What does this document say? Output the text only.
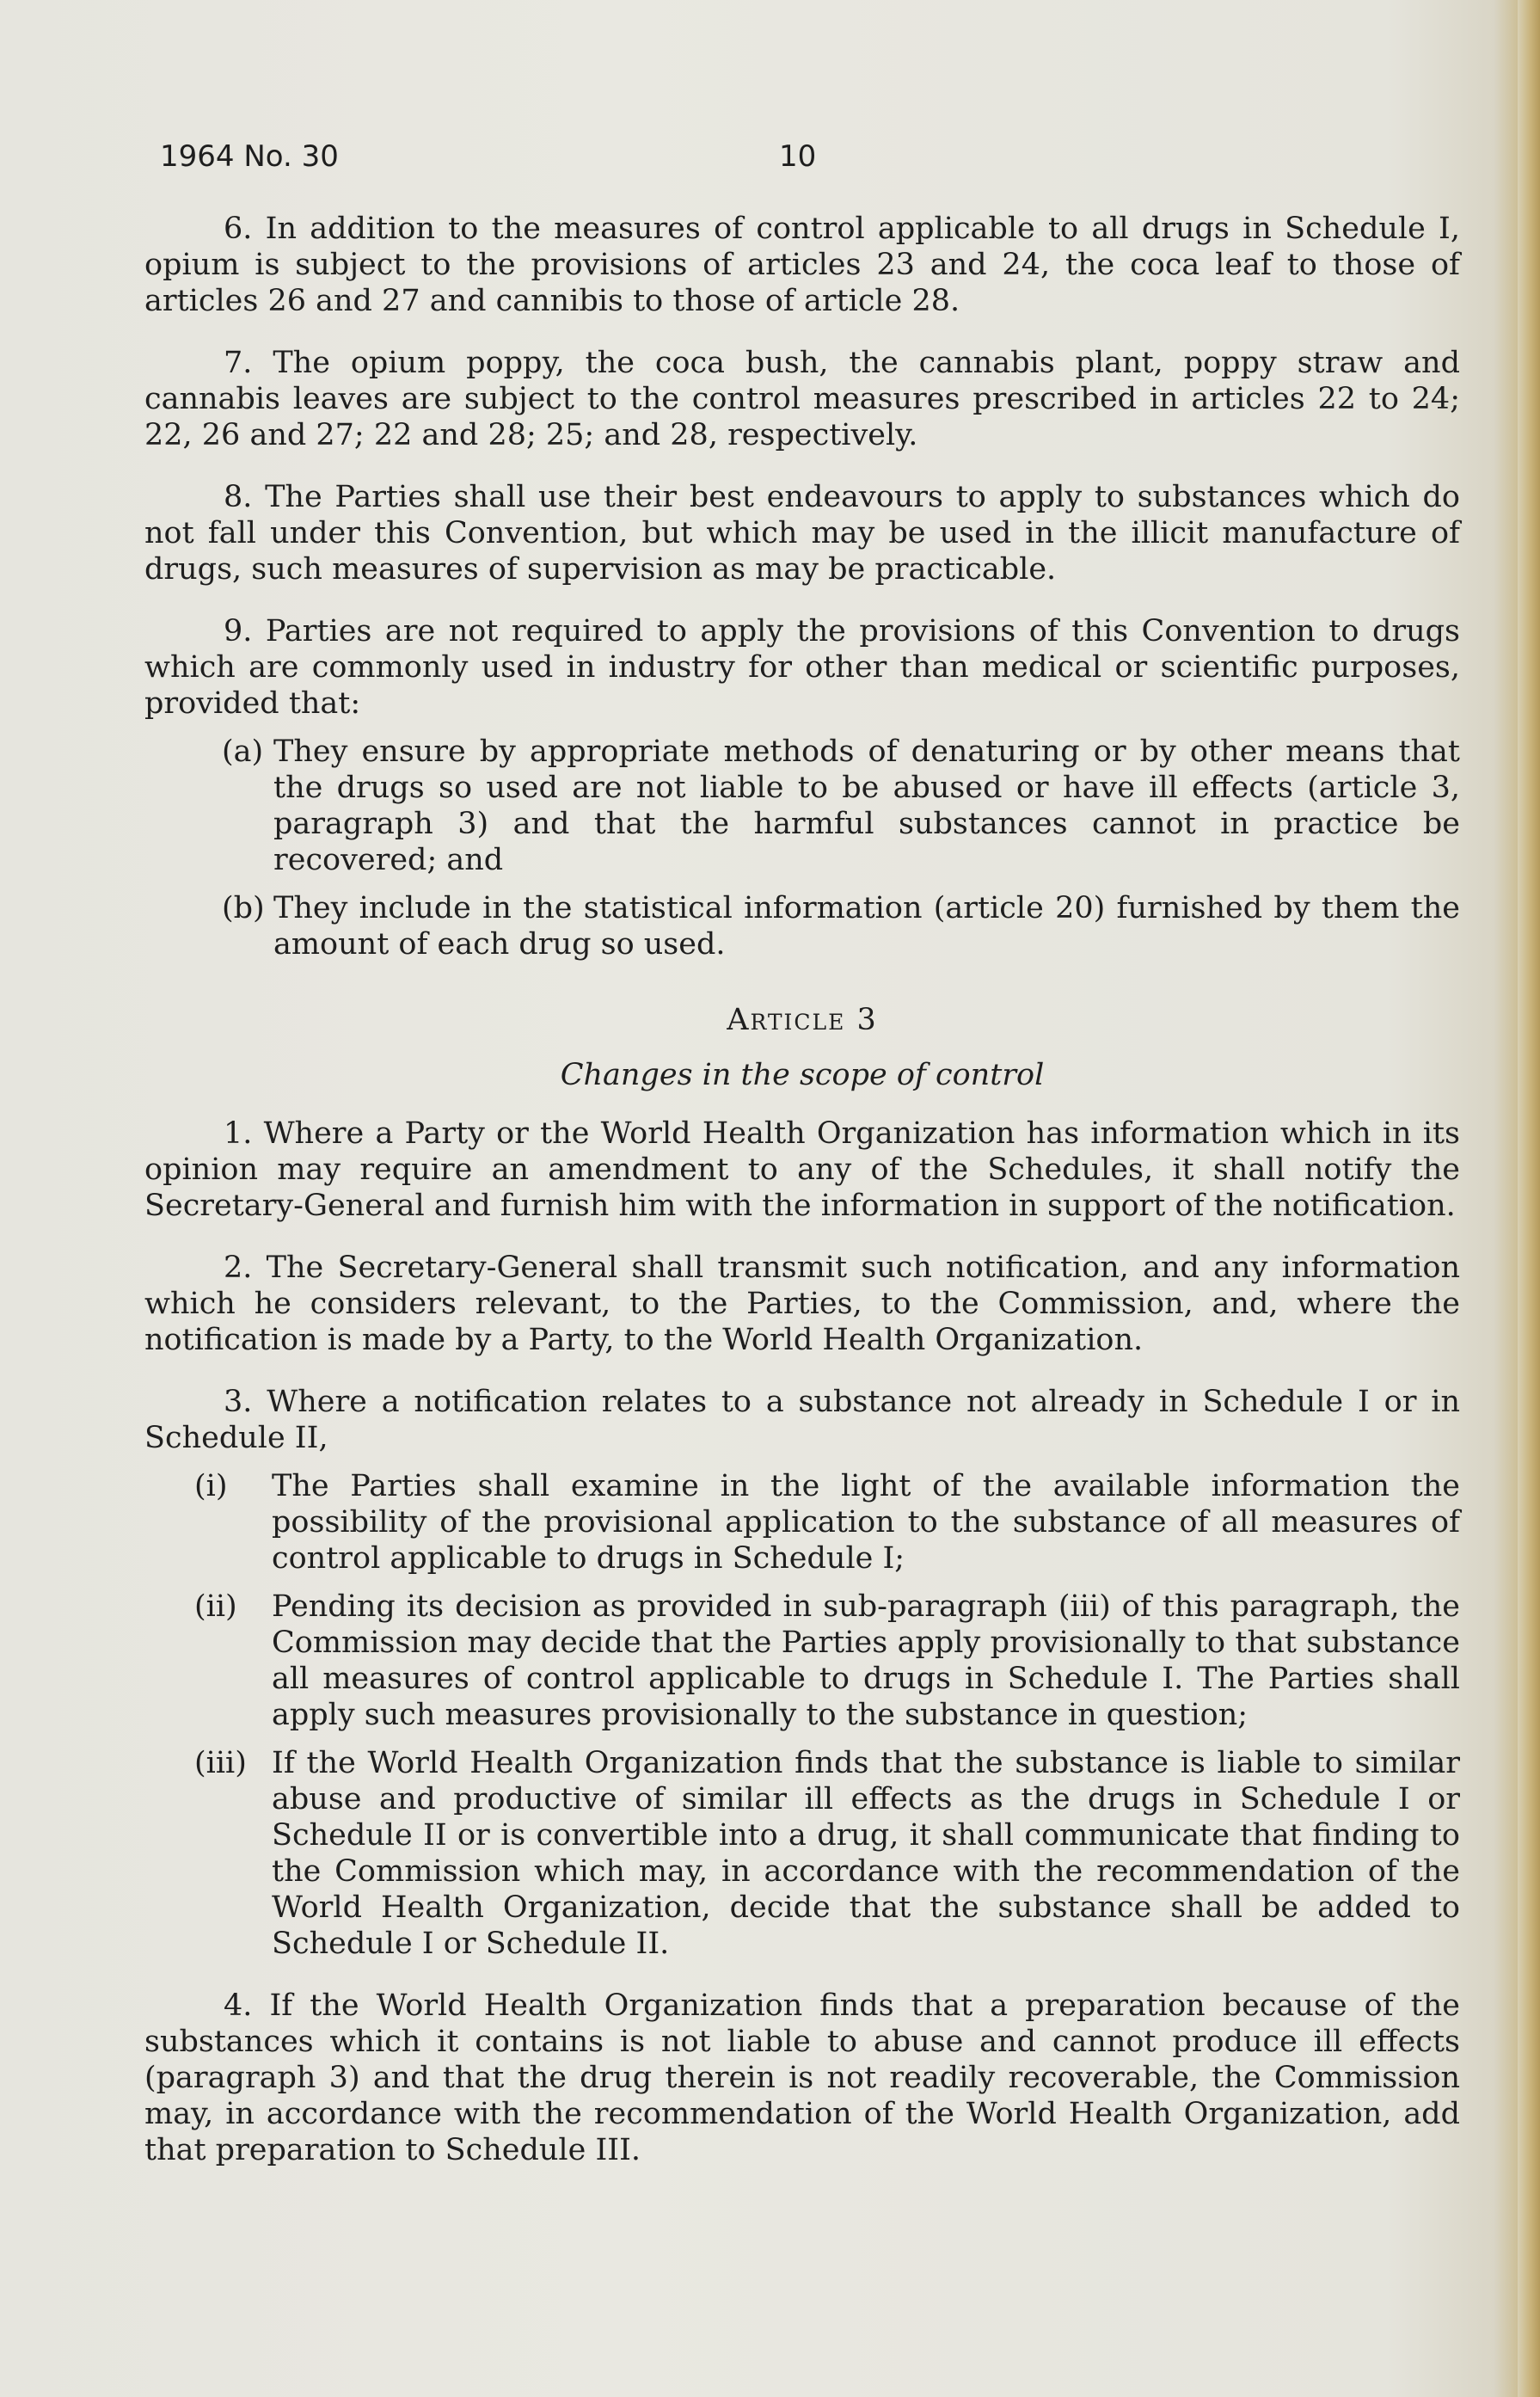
1964 No. 30	10

6. In addition to the measures of control applicable to all drugs in Schedule I, opium is subject to the provisions of articles 23 and 24, the coca leaf to those of articles 26 and 27 and cannibis to those of article 28.

7. The opium poppy, the coca bush, the cannabis plant, poppy straw and cannabis leaves are subject to the control measures prescribed in articles 22 to 24; 22, 26 and 27; 22 and 28; 25; and 28, respectively.

8. The Parties shall use their best endeavours to apply to substances which do not fall under this Convention, but which may be used in the illicit manufacture of drugs, such measures of supervision as may be practicable.

9. Parties are not required to apply the provisions of this Convention to drugs which are commonly used in industry for other than medical or scientific purposes, provided that:

(a) They ensure by appropriate methods of denaturing or by other means that the drugs so used are not liable to be abused or have ill effects (article 3, paragraph 3) and that the harmful substances cannot in practice be recovered; and
(b) They include in the statistical information (article 20) furnished by them the amount of each drug so used.
Article 3
Changes in the scope of control

1. Where a Party or the World Health Organization has information which in its opinion may require an amendment to any of the Schedules, it shall notify the Secretary-General and furnish him with the information in support of the notification.

2. The Secretary-General shall transmit such notification, and any information which he considers relevant, to the Parties, to the Commission, and, where the notification is made by a Party, to the World Health Organization.

3. Where a notification relates to a substance not already in Schedule I or in Schedule II,

(i)	The Parties shall examine in the light of the available information the possibility of the provisional application to the substance of all measures of control applicable to drugs in Schedule I;
(ii)	Pending its decision as provided in sub-paragraph (iii) of this paragraph, the Commission may decide that the Parties apply provisionally to that substance all measures of control applicable to drugs in Schedule I. The Parties shall apply such measures provisionally to the substance in question;
(iii) If the World Health Organization finds that the substance is liable to similar abuse and productive of similar ill effects as the drugs in Schedule I or Schedule II or is convertible into a drug, it shall communicate that finding to the Commission which may, in accordance with the recommendation of the World Health Organization, decide that the substance shall be added to Schedule I or Schedule II.

4. If the World Health Organization finds that a preparation because of the substances which it contains is not liable to abuse and cannot produce ill effects (paragraph 3) and that the drug therein is not readily recoverable, the Commission may, in accordance with the recommendation of the World Health Organization, add that preparation to Schedule III.
